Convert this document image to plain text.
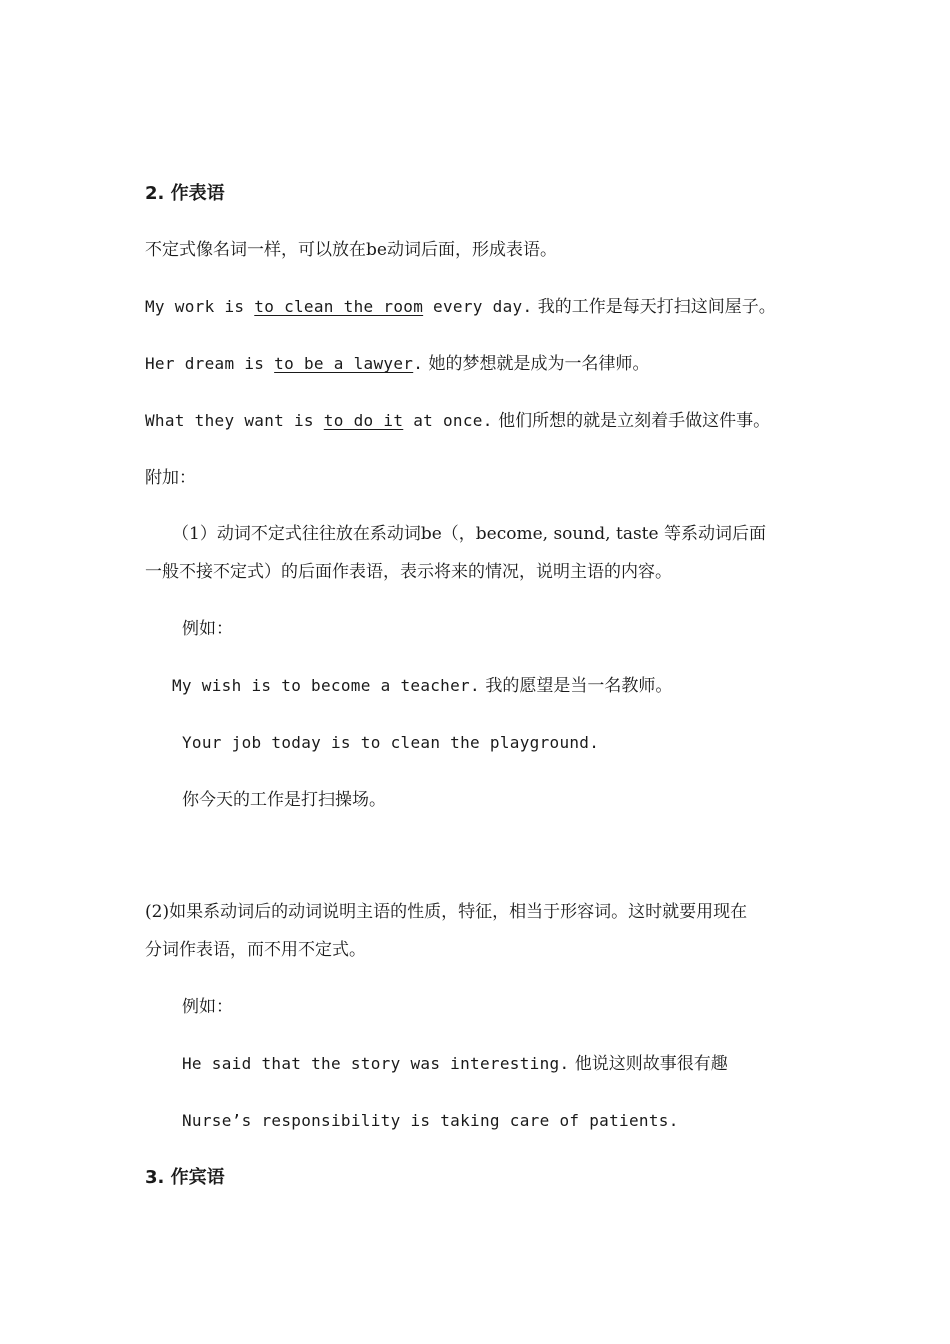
2. 作表语
不定式像名词一样，可以放在be动词后面，形成表语。
My work is to clean the room every day. 我的工作是每天打扫这间屋子。
Her dream is to be a lawyer. 她的梦想就是成为一名律师。
What they want is to do it at once. 他们所想的就是立刻着手做这件事。
附加：
（1）动词不定式往往放在系动词be（，become, sound, taste 等系动词后面
一般不接不定式）的后面作表语，表示将来的情况，说明主语的内容。
例如：
My wish is to become a teacher. 我的愿望是当一名教师。
Your job today is to clean the playground.
你今天的工作是打扫操场。
(2)如果系动词后的动词说明主语的性质，特征，相当于形容词。这时就要用现在
分词作表语，而不用不定式。
例如：
He said that the story was interesting. 他说这则故事很有趣
Nurse’s responsibility is taking care of patients.
3. 作宾语
